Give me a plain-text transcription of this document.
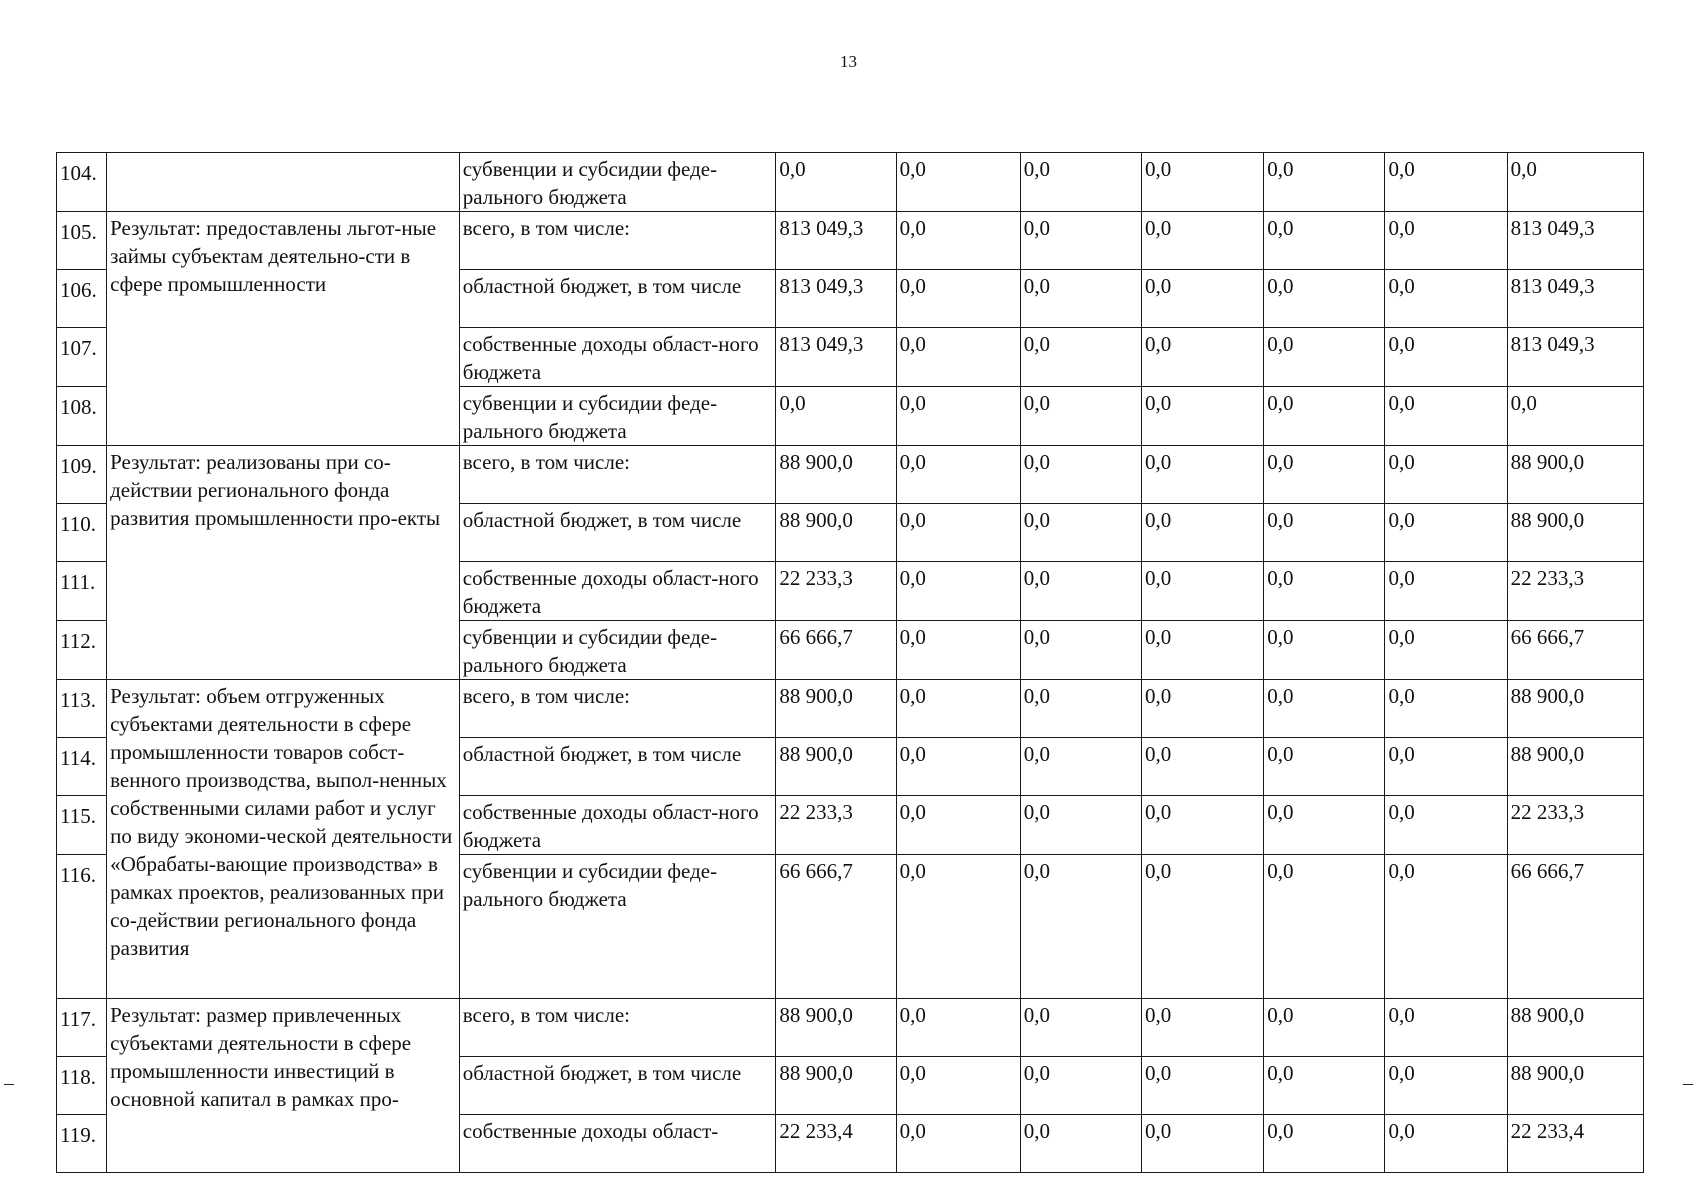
13
104.		субвенции и субсидии феде-ральнoго бюджета	0,0	0,0	0,0	0,0	0,0	0,0	0,0
105.	Результат: предоставлены льгот-ные займы субъектам деятельно-сти в сфере промышленности	всего, в том числе:	813 049,3	0,0	0,0	0,0	0,0	0,0	813 049,3
106.		областной бюджет, в том числе	813 049,3	0,0	0,0	0,0	0,0	0,0	813 049,3
107.		собственные доходы област-ного бюджета	813 049,3	0,0	0,0	0,0	0,0	0,0	813 049,3
108.		субвенции и субсидии феде-рального бюджета	0,0	0,0	0,0	0,0	0,0	0,0	0,0
109.	Результат: реализованы при со-действии регионального фонда развития промышленности про-екты	всего, в том числе:	88 900,0	0,0	0,0	0,0	0,0	0,0	88 900,0
110.		областной бюджет, в том числе	88 900,0	0,0	0,0	0,0	0,0	0,0	88 900,0
111.		собственные доходы област-ного бюджета	22 233,3	0,0	0,0	0,0	0,0	0,0	22 233,3
112.		субвенции и субсидии феде-рального бюджета	66 666,7	0,0	0,0	0,0	0,0	0,0	66 666,7
113.	Результат: объем отгруженных субъектами деятельности в сфере промышленности товаров собст-венного производства, выпол-ненных собственными силами работ и услуг по виду экономи-ческой деятельности «Обрабаты-вающие производства» в рамках проектов, реализованных при со-действии регионального фонда развития	всего, в том числе:	88 900,0	0,0	0,0	0,0	0,0	0,0	88 900,0
114.		областной бюджет, в том числе	88 900,0	0,0	0,0	0,0	0,0	0,0	88 900,0
115.		собственные доходы област-ного бюджета	22 233,3	0,0	0,0	0,0	0,0	0,0	22 233,3
116.		субвенции и субсидии феде-рального бюджета	66 666,7	0,0	0,0	0,0	0,0	0,0	66 666,7
117.	Результат: размер привлеченных субъектами деятельности в сфере промышленности инвестиций в основной капитал в рамках про-	всего, в том числе:	88 900,0	0,0	0,0	0,0	0,0	0,0	88 900,0
118.		областной бюджет, в том числе	88 900,0	0,0	0,0	0,0	0,0	0,0	88 900,0
119.		собственные доходы област-	22 233,4	0,0	0,0	0,0	0,0	0,0	22 233,4
